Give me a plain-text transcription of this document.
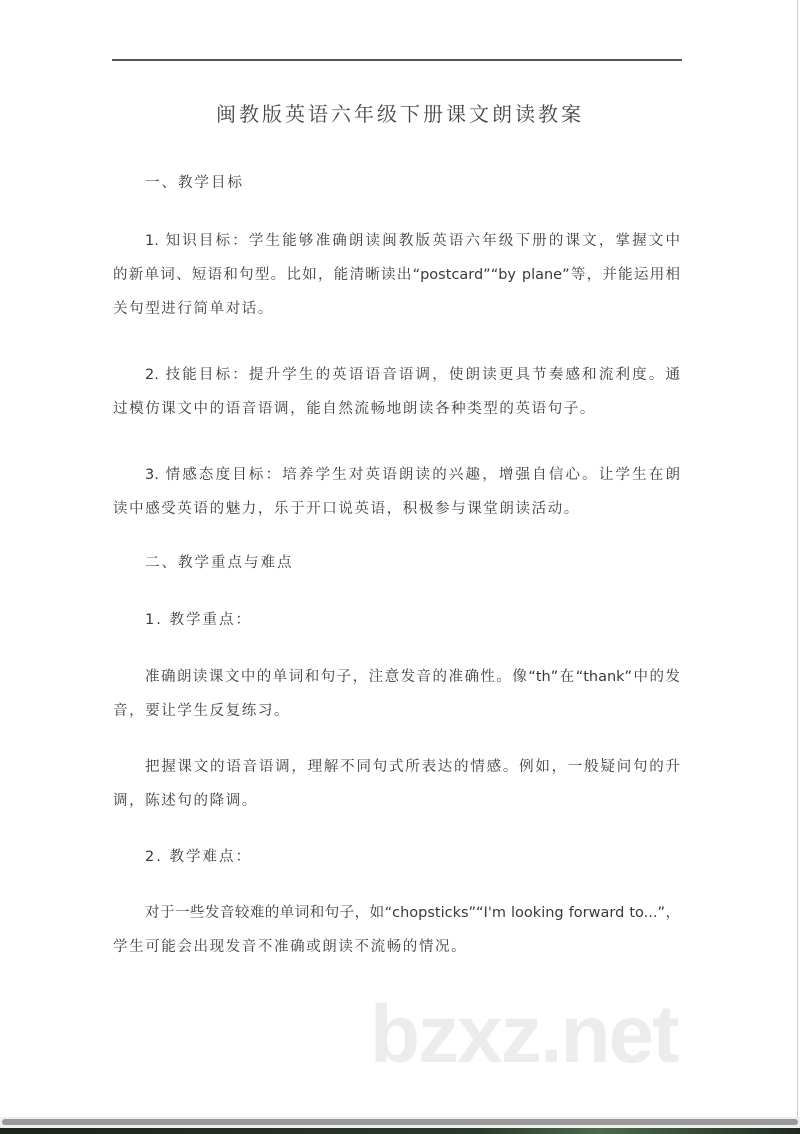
闽教版英语六年级下册课文朗读教案
一、教学目标
1. 知识目标：学生能够准确朗读闽教版英语六年级下册的课文，掌握文中
的新单词、短语和句型。比如，能清晰读出“postcard”“by plane”等，并能运用相
关句型进行简单对话。
2. 技能目标：提升学生的英语语音语调，使朗读更具节奏感和流利度。通
过模仿课文中的语音语调，能自然流畅地朗读各种类型的英语句子。
3. 情感态度目标：培养学生对英语朗读的兴趣，增强自信心。让学生在朗
读中感受英语的魅力，乐于开口说英语，积极参与课堂朗读活动。
二、教学重点与难点
1. 教学重点：
准确朗读课文中的单词和句子，注意发音的准确性。像“th”在“thank”中的发
音，要让学生反复练习。
把握课文的语音语调，理解不同句式所表达的情感。例如，一般疑问句的升
调，陈述句的降调。
2. 教学难点：
对于一些发音较难的单词和句子，如“chopsticks”“I'm looking forward to...”，
学生可能会出现发音不准确或朗读不流畅的情况。
bzxz.net
